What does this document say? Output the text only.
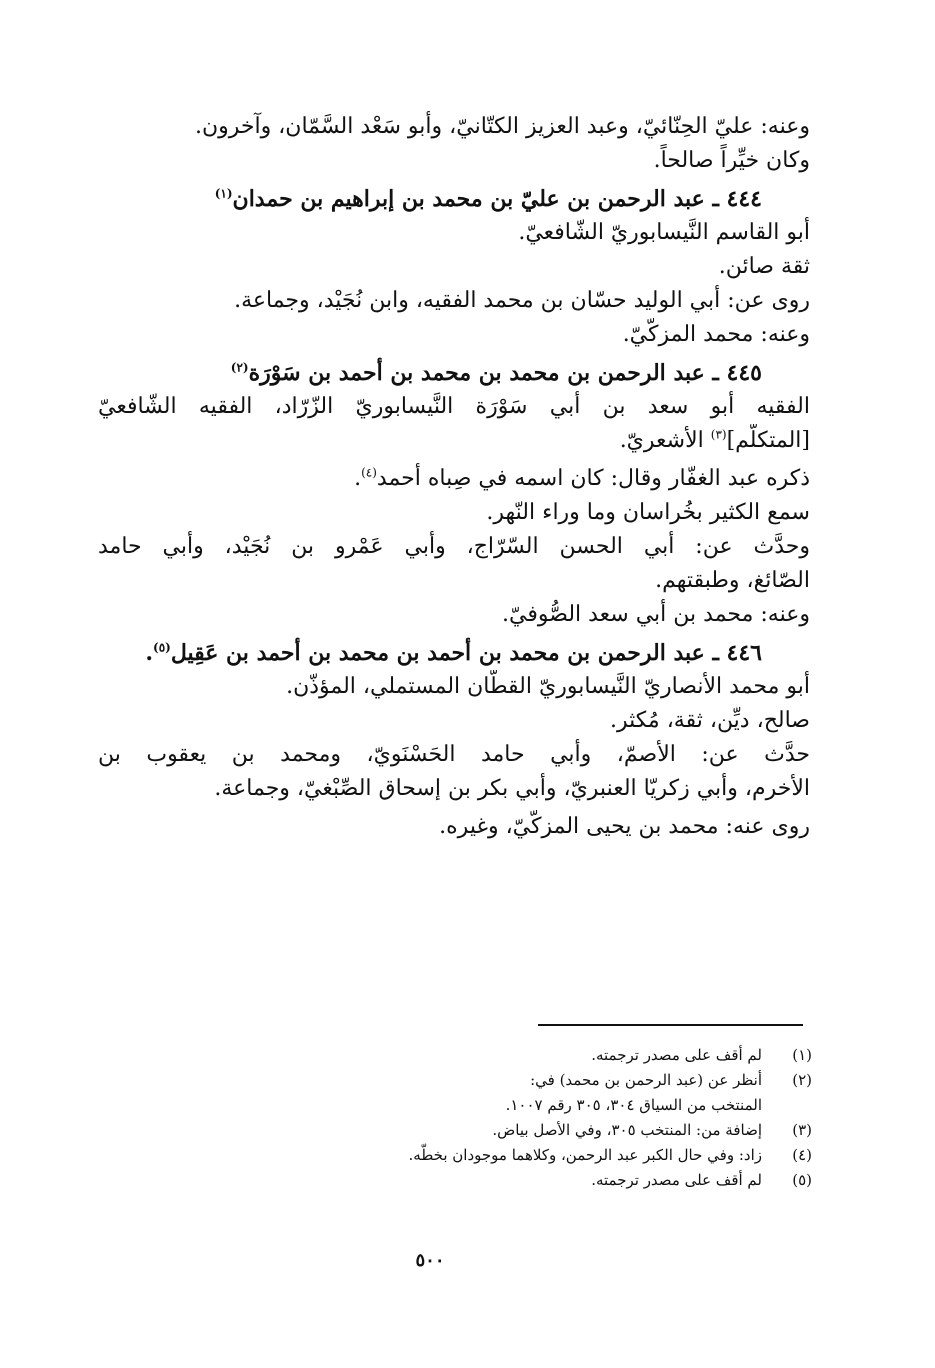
وعنه: عليّ الحِنّائيّ، وعبد العزيز الكتّانيّ، وأبو سَعْد السَّمّان، وآخرون.

وكان خيِّراً صالحاً.

٤٤٤ ـ عبد الرحمن بن عليّ بن محمد بن إبراهيم بن حمدان$^{(١)}$

أبو القاسم النَّيسابوريّ الشّافعيّ.

ثقة صائن.

روى عن: أبي الوليد حسّان بن محمد الفقيه، وابن نُجَيْد، وجماعة.

وعنه: محمد المزكّيّ.

٤٤٥ ـ عبد الرحمن بن محمد بن محمد بن أحمد بن سَوْرَة$^{(٢)}$

الفقيه أبو سعد بن أبي سَوْرَة النَّيسابوريّ الزّرّاد، الفقيه الشّافعيّ

[المتكلّم]$^{(٣)}$ الأشعريّ.

ذكره عبد الغفّار وقال: كان اسمه في صِباه أحمد$^{(٤)}$.

سمع الكثير بخُراسان وما وراء النّهر.

وحدَّث عن: أبي الحسن السّرّاج، وأبي عَمْرو بن نُجَيْد، وأبي حامد

الصّائغ، وطبقتهم.

وعنه: محمد بن أبي سعد الصُّوفيّ.

٤٤٦ ـ عبد الرحمن بن محمد بن أحمد بن محمد بن أحمد بن عَقِيل$^{(٥)}$.

أبو محمد الأنصاريّ النَّيسابوريّ القطّان المستملي، المؤذّن.

صالح، ديِّن، ثقة، مُكثر.

حدَّث عن: الأصمّ، وأبي حامد الحَسْنَويّ، ومحمد بن يعقوب بن

الأخرم، وأبي زكريّا العنبريّ، وأبي بكر بن إسحاق الصِّبْغيّ، وجماعة.

روى عنه: محمد بن يحيى المزكّيّ، وغيره.

(١)
لم أقف على مصدر ترجمته.

(٢)
أنظر عن (عبد الرحمن بن محمد) في:

المنتخب من السياق ٣٠٤، ٣٠٥ رقم ١٠٠٧.

(٣)
إضافة من: المنتخب ٣٠٥، وفي الأصل بياض.

(٤)
زاد: وفي حال الكبر عبد الرحمن، وكلاهما موجودان بخطّه.

(٥)
لم أقف على مصدر ترجمته.

٥٠٠
